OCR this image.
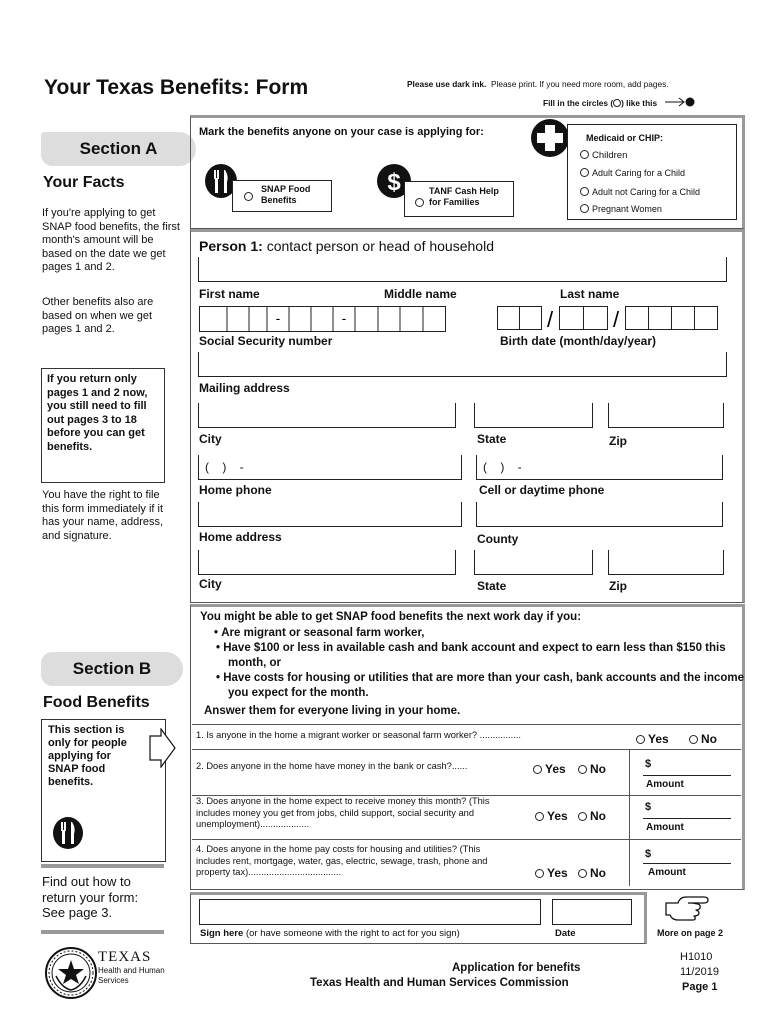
Your Texas Benefits: Form	Please use dark ink. Please print. If you need more room, add pages.
Fill in the circles ( ) like this
Section A
Your Facts
If you're applying to get SNAP food benefits, the first month's amount will be based on the date we get pages 1 and 2.
Other benefits also are based on when we get pages 1 and 2.
If you return only pages 1 and 2 now, you still need to fill out pages 3 to 18 before you can get benefits.
You have the right to file this form immediately if it has your name, address, and signature.
Section B
Food Benefits
This section is only for people applying for SNAP food benefits.
Find out how to return your form: See page 3.
Mark the benefits anyone on your case is applying for:
SNAP Food Benefits
$	TANF Cash Help for Families
Medicaid or CHIP:
Children
Adult Caring for a Child
Adult not Caring for a Child
Pregnant Women
Person 1: contact person or head of household
First name	Middle name	Last name
-	-
Social Security number
/	/
Birth date (month/day/year)
Mailing address
City	State	Zip
(    )    -	(    )    -
Home phone	Cell or daytime phone
Home address	County
City	State	Zip
You might be able to get SNAP food benefits the next work day if you:
• Are migrant or seasonal farm worker,
• Have $100 or less in available cash and bank account and expect to earn less than $150 this month, or
• Have costs for housing or utilities that are more than your cash, bank accounts and the income you expect for the month.
Answer them for everyone living in your home.
1. Is anyone in the home a migrant worker or seasonal farm worker? ................	Yes	No
2. Does anyone in the home have money in the bank or cash?......	Yes	No	$
Amount
3. Does anyone in the home expect to receive money this month? (This includes money you get from jobs, child support, social security and unemployment)...................
Yes	No
$
Amount
4. Does anyone in the home pay costs for housing and utilities? (This includes rent, mortgage, water, gas, electric, sewage, trash, phone and property tax)....................................	Yes	No
$
Amount
Sign here (or have someone with the right to act for you sign)	Date	More on page 2
TEXAS
Health and Human
Services
Application for benefits
Texas Health and Human Services Commission
H1010
11/2019
Page 1
